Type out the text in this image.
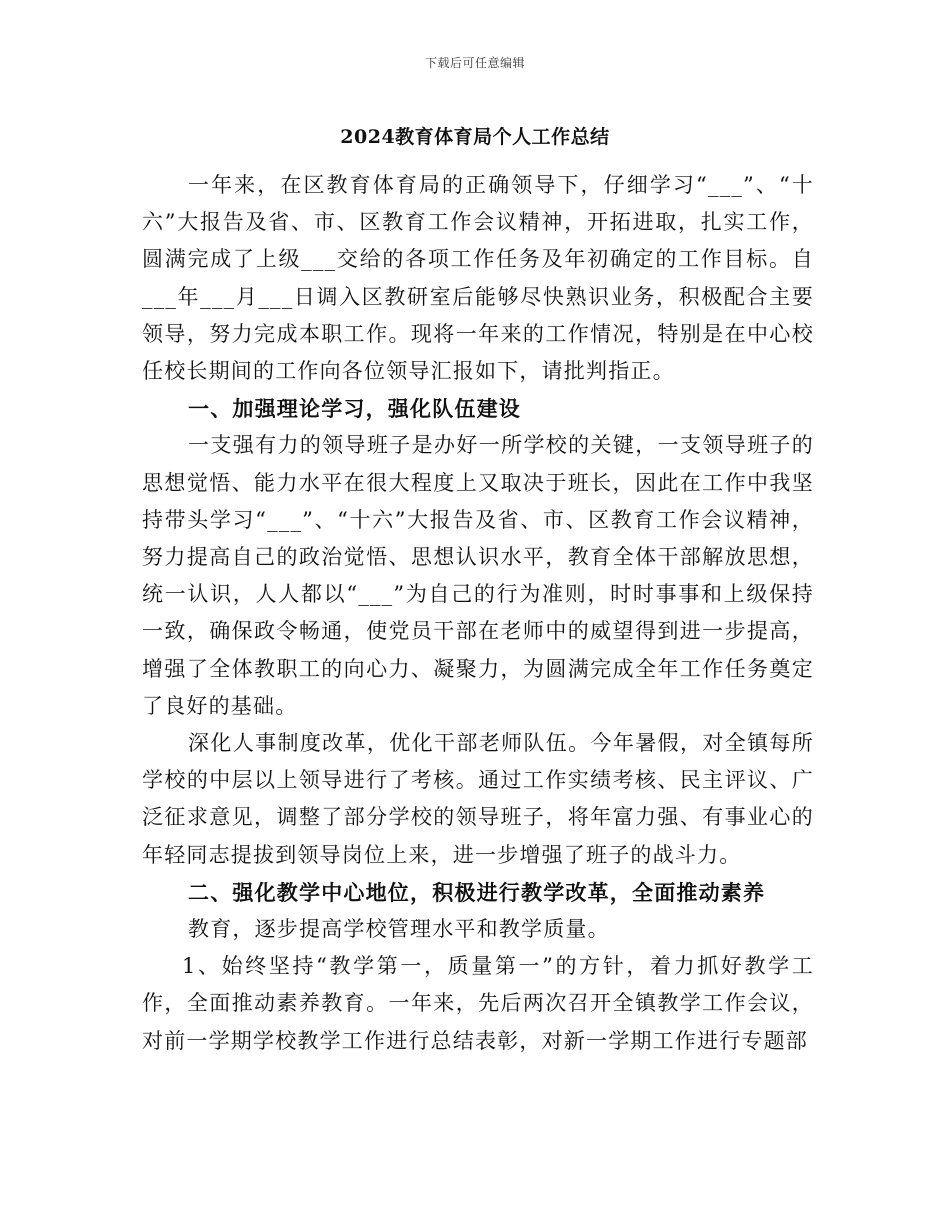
下载后可任意编辑
2024教育体育局个人工作总结

一年来，在区教育体育局的正确领导下，仔细学习“___”、“十六”大报告及省、市、区教育工作会议精神，开拓进取，扎实工作，圆满完成了上级___交给的各项工作任务及年初确定的工作目标。自___年___月___日调入区教研室后能够尽快熟识业务，积极配合主要领导，努力完成本职工作。现将一年来的工作情况，特别是在中心校任校长期间的工作向各位领导汇报如下，请批判指正。

一、加强理论学习，强化队伍建设

一支强有力的领导班子是办好一所学校的关键，一支领导班子的思想觉悟、能力水平在很大程度上又取决于班长，因此在工作中我坚持带头学习“___”、“十六”大报告及省、市、区教育工作会议精神，努力提高自己的政治觉悟、思想认识水平，教育全体干部解放思想，统一认识，人人都以“___”为自己的行为准则，时时事事和上级保持一致，确保政令畅通，使党员干部在老师中的威望得到进一步提高，增强了全体教职工的向心力、凝聚力，为圆满完成全年工作任务奠定了良好的基础。

深化人事制度改革，优化干部老师队伍。今年暑假，对全镇每所学校的中层以上领导进行了考核。通过工作实绩考核、民主评议、广泛征求意见，调整了部分学校的领导班子，将年富力强、有事业心的年轻同志提拔到领导岗位上来，进一步增强了班子的战斗力。

二、强化教学中心地位，积极进行教学改革，全面推动素养

教育，逐步提高学校管理水平和教学质量。

1、始终坚持“教学第一，质量第一”的方针，着力抓好教学工作，全面推动素养教育。一年来，先后两次召开全镇教学工作会议，对前一学期学校教学工作进行总结表彰，对新一学期工作进行专题部
